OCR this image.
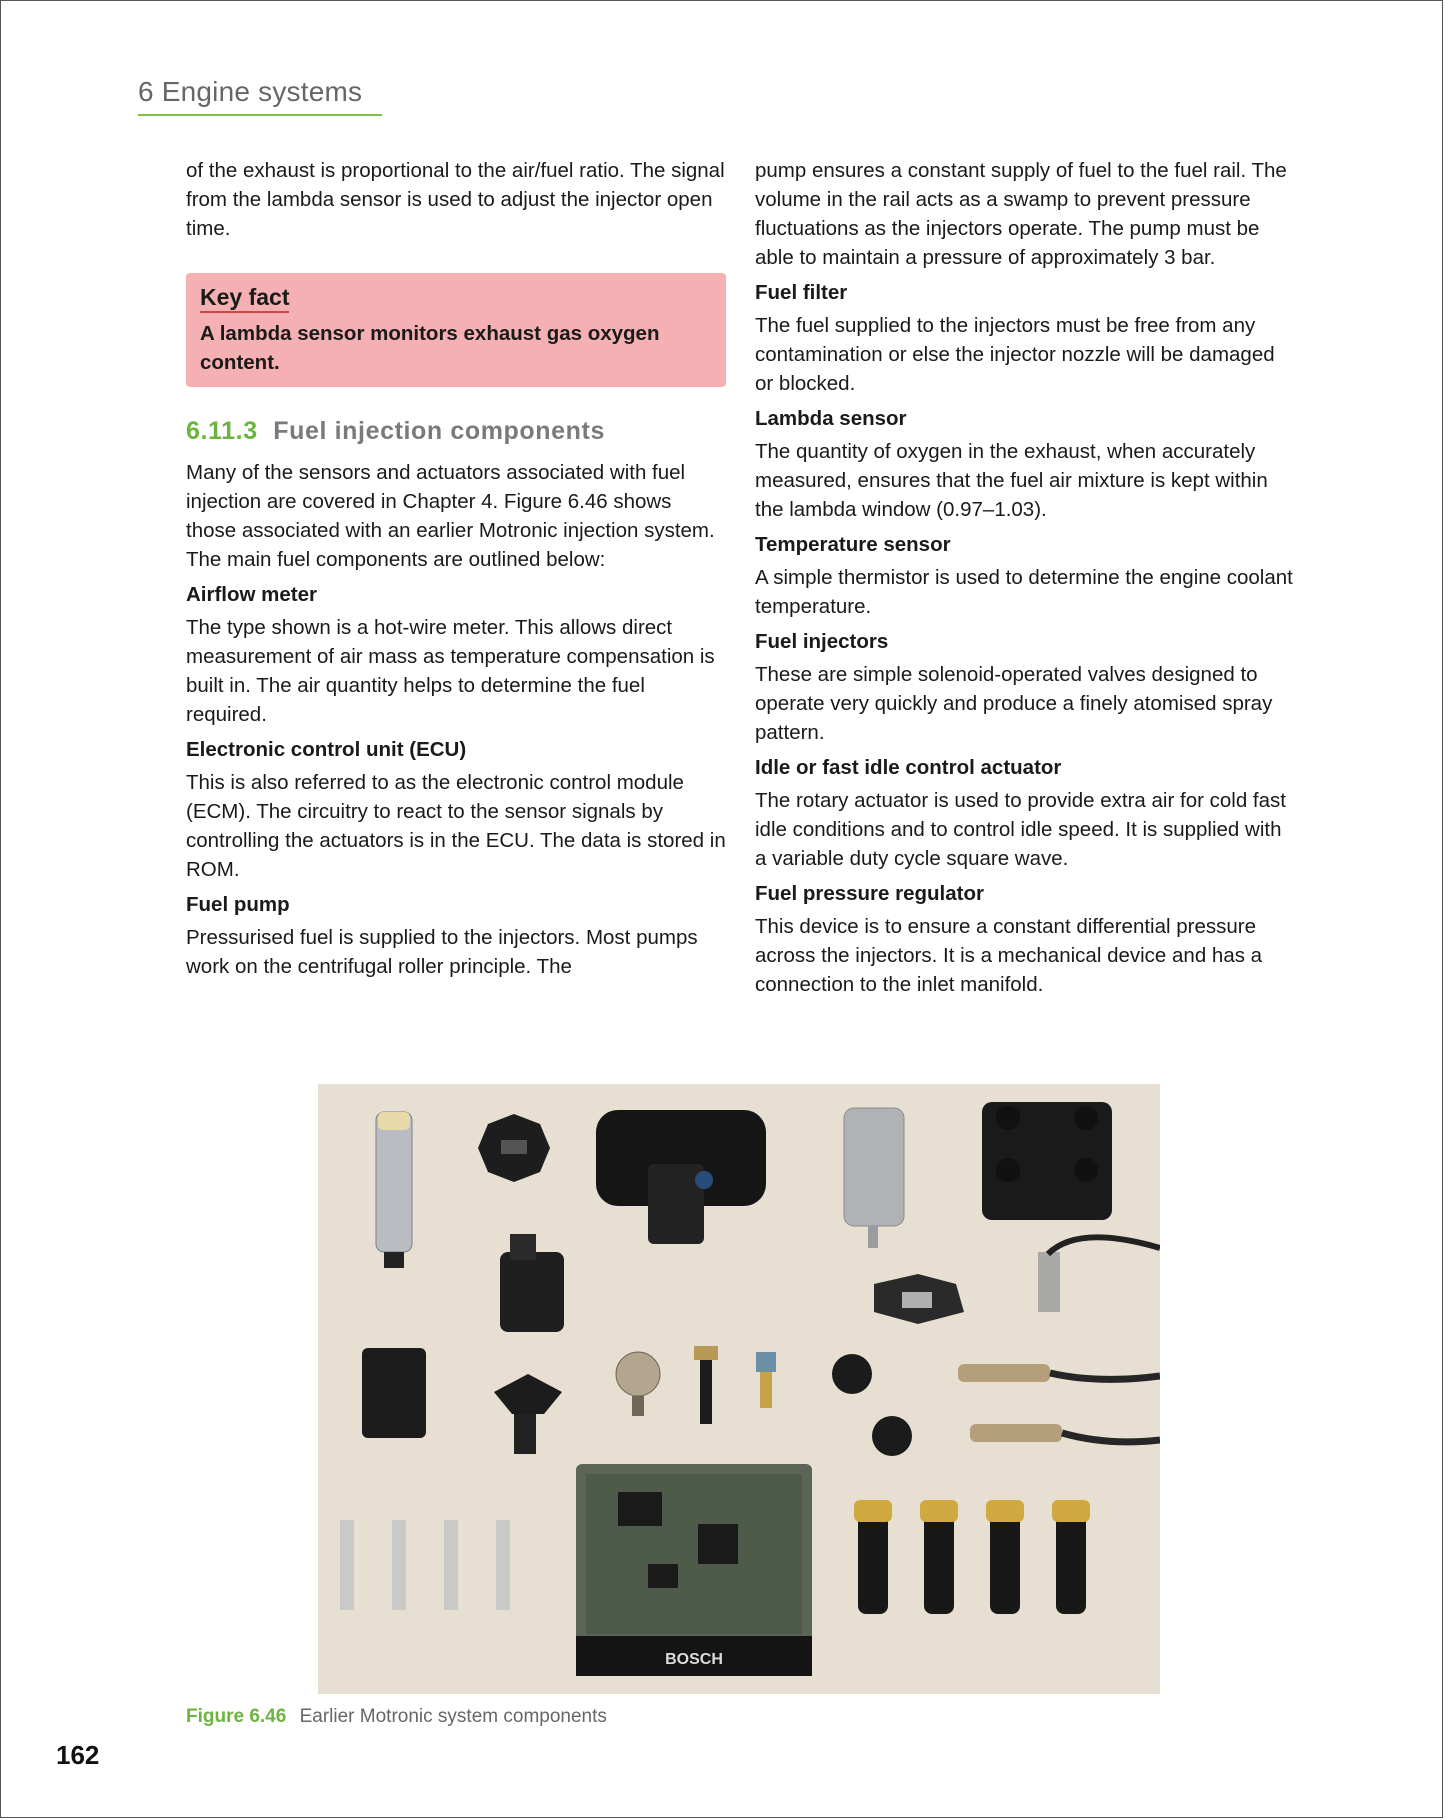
6 Engine systems

of the exhaust is proportional to the air/fuel ratio. The signal from the lambda sensor is used to adjust the injector open time.

Key fact
A lambda sensor monitors exhaust gas oxygen content.
6.11.3 Fuel injection components

Many of the sensors and actuators associated with fuel injection are covered in Chapter 4. Figure 6.46 shows those associated with an earlier Motronic injection system. The main fuel components are outlined below:

Airflow meter

The type shown is a hot-wire meter. This allows direct measurement of air mass as temperature compensation is built in. The air quantity helps to determine the fuel required.

Electronic control unit (ECU)

This is also referred to as the electronic control module (ECM). The circuitry to react to the sensor signals by controlling the actuators is in the ECU. The data is stored in ROM.

Fuel pump

Pressurised fuel is supplied to the injectors. Most pumps work on the centrifugal roller principle. The

pump ensures a constant supply of fuel to the fuel rail. The volume in the rail acts as a swamp to prevent pressure fluctuations as the injectors operate. The pump must be able to maintain a pressure of approximately 3 bar.

Fuel filter

The fuel supplied to the injectors must be free from any contamination or else the injector nozzle will be damaged or blocked.

Lambda sensor

The quantity of oxygen in the exhaust, when accurately measured, ensures that the fuel air mixture is kept within the lambda window (0.97–1.03).

Temperature sensor

A simple thermistor is used to determine the engine coolant temperature.

Fuel injectors

These are simple solenoid-operated valves designed to operate very quickly and produce a finely atomised spray pattern.

Idle or fast idle control actuator

The rotary actuator is used to provide extra air for cold fast idle conditions and to control idle speed. It is supplied with a variable duty cycle square wave.

Fuel pressure regulator

This device is to ensure a constant differential pressure across the injectors. It is a mechanical device and has a connection to the inlet manifold.

BOSCH
Figure 6.46 Earlier Motronic system components
162
